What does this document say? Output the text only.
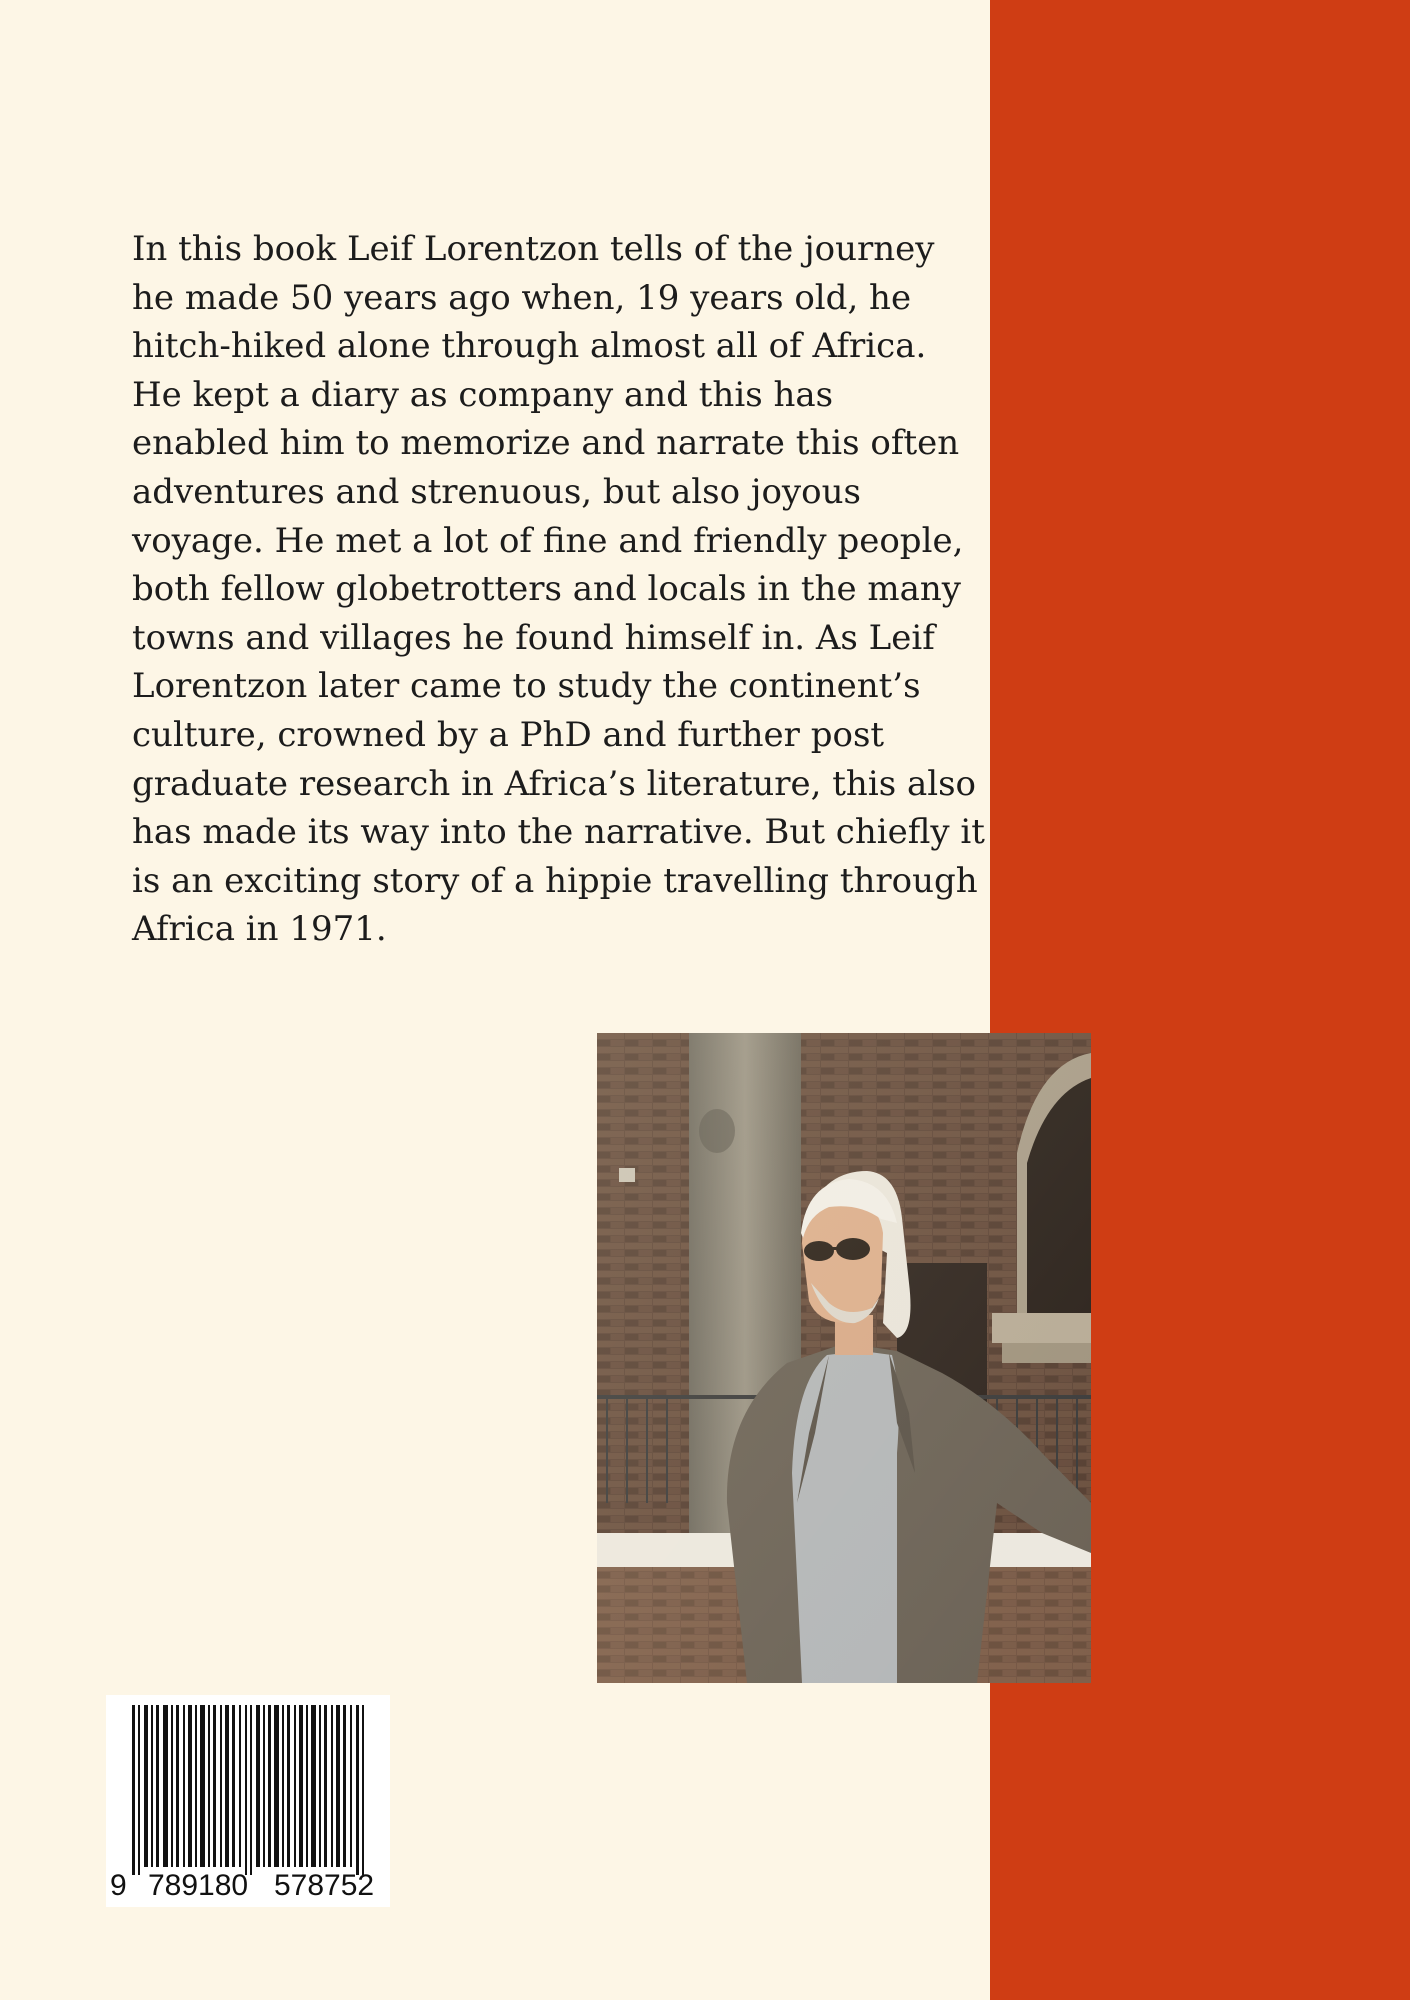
In this book Leif Lorentzon tells of the journey
he made 50 years ago when, 19 years old, he
hitch-hiked alone through almost all of Africa.
He kept a diary as company and this has
enabled him to memorize and narrate this often
adventures and strenuous, but also joyous
voyage. He met a lot of fine and friendly people,
both fellow globetrotters and locals in the many
towns and villages he found himself in. As Leif
Lorentzon later came to study the continent’s
culture, crowned by a PhD and further post
graduate research in Africa’s literature, this also
has made its way into the narrative. But chiefly it
is an exciting story of a hippie travelling through
Africa in 1971.
9 789180 578752
